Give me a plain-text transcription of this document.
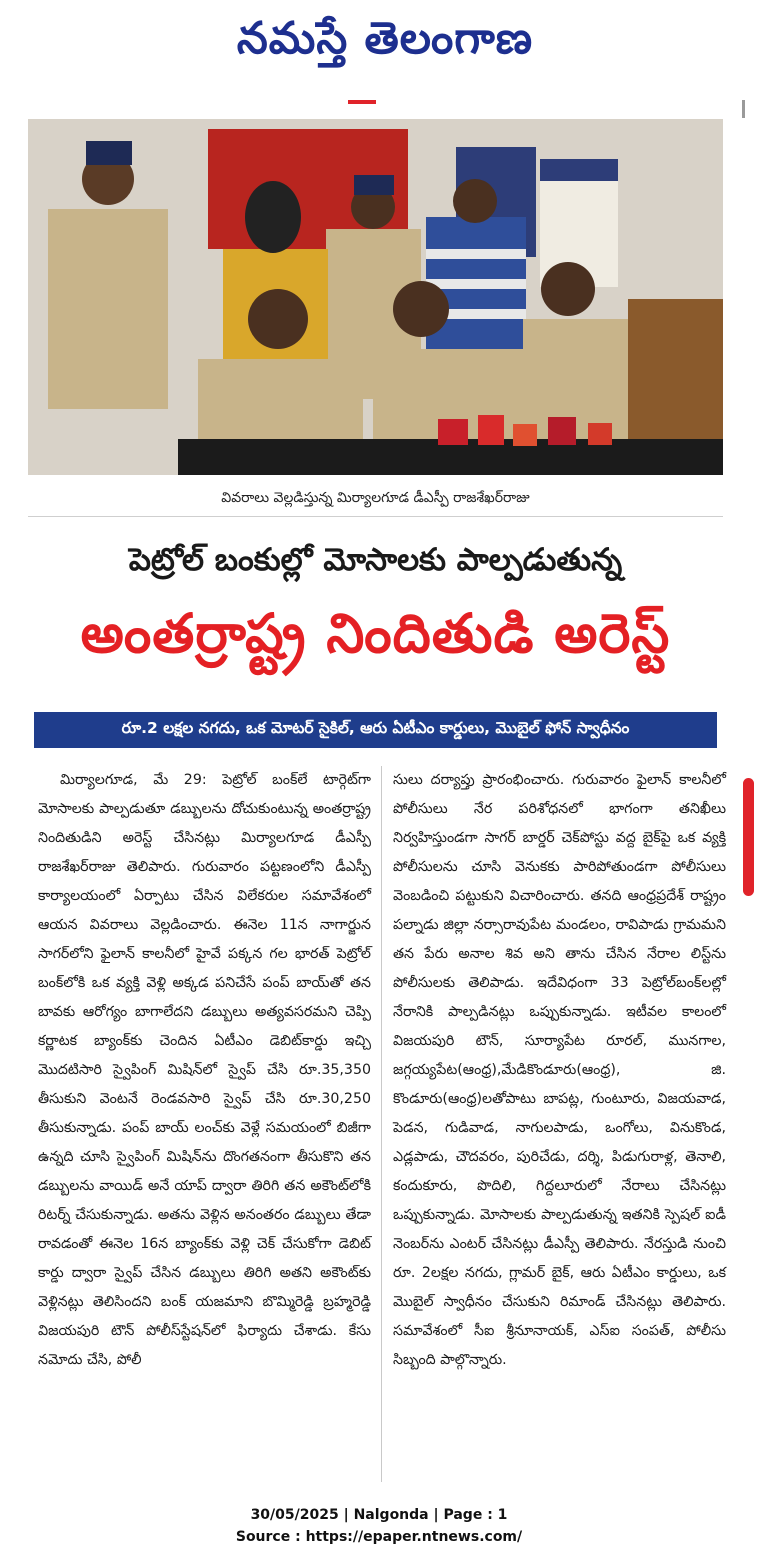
నమస్తే తెలంగాణ
వివరాలు వెల్లడిస్తున్న మిర్యాలగూడ డీఎస్పీ రాజశేఖర్‌రాజు
పెట్రోల్ బంకుల్లో మోసాలకు పాల్పడుతున్న
అంతర్రాష్ట్ర నిందితుడి అరెస్ట్
రూ.2 లక్షల నగదు, ఒక మోటర్ సైకిల్, ఆరు ఏటీఎం కార్డులు, మొబైల్ ఫోన్ స్వాధీనం
మిర్యాలగూడ, మే 29: పెట్రోల్ బంక్‌లే టార్గెట్‌గా మోసాలకు పాల్పడుతూ డబ్బులను దోచుకుంటున్న అంతర్రాష్ట్ర నిందితుడిని అరెస్ట్ చేసినట్లు మిర్యాలగూడ డీఎస్పీ రాజశేఖర్‌రాజు తెలిపారు. గురువారం పట్టణంలోని డీఎస్పీ కార్యాలయంలో ఏర్పాటు చేసిన విలేకరుల సమావేశంలో ఆయన వివరాలు వెల్లడించారు. ఈనెల 11న నాగార్జున సాగర్‌లోని ఫైలాన్ కాలనీలో హైవే పక్కన గల భారత్ పెట్రోల్ బంక్‌లోకి ఒక వ్యక్తి వెళ్లి అక్కడ పనిచేసే పంప్ బాయ్‌తో తన బావకు ఆరోగ్యం బాగాలేదని డబ్బులు అత్యవసరమని చెప్పి కర్ణాటక బ్యాంక్‌కు చెందిన ఏటీఎం డెబిట్‌కార్డు ఇచ్చి మొదటిసారి స్వైపింగ్ మిషిన్‌లో స్వైప్ చేసి రూ.35,350 తీసుకుని వెంటనే రెండవసారి స్వైప్ చేసి రూ.30,250 తీసుకున్నాడు. పంప్ బాయ్ లంచ్‌కు వెళ్లే సమయంలో బిజీగా ఉన్నది చూసి స్వైపింగ్ మిషిన్‌ను దొంగతనంగా తీసుకొని తన డబ్బులను వాయిడ్ అనే యాప్ ద్వారా తిరిగి తన అకౌంట్‌లోకి రిటర్న్ చేసుకున్నాడు. అతను వెళ్లిన అనంతరం డబ్బులు తేడా రావడంతో ఈనెల 16న బ్యాంక్‌కు వెళ్లి చెక్ చేసుకోగా డెబిట్ కార్డు ద్వారా స్వైప్ చేసిన డబ్బులు తిరిగి అతని అకౌంట్‌కు వెళ్లినట్లు తెలిసిందని బంక్ యజమాని బొమ్మిరెడ్డి బ్రహ్మరెడ్డి విజయపురి టౌన్ పోలీస్‌స్టేషన్‌లో ఫిర్యాదు చేశాడు. కేసు నమోదు చేసి, పోలీ
సులు దర్యాప్తు ప్రారంభించారు. గురువారం ఫైలాన్ కాలనీలో పోలీసులు నేర పరిశోధనలో భాగంగా తనిఖీలు నిర్వహిస్తుండగా సాగర్ బార్డర్ చెక్‌పోస్టు వద్ద బైక్‌పై ఒక వ్యక్తి పోలీసులను చూసి వెనుకకు పారిపోతుండగా పోలీసులు వెంబడించి పట్టుకుని విచారించారు. తనది ఆంధ్రప్రదేశ్ రాష్ట్రం పల్నాడు జిల్లా నర్సారావుపేట మండలం, రావిపాడు గ్రామమని తన పేరు అనాల శివ అని తాను చేసిన నేరాల లిస్ట్‌ను పోలీసులకు తెలిపాడు. ఇదేవిధంగా 33 పెట్రోల్‌బంక్‌లల్లో నేరానికి పాల్పడినట్లు ఒప్పుకున్నాడు. ఇటీవల కాలంలో విజయపురి టౌన్, సూర్యాపేట రూరల్, మునగాల, జగ్గయ్యపేట(ఆంధ్ర),మేడికొండూరు(ఆంధ్ర), జి. కొండూరు(ఆంధ్ర)లతోపాటు బాపట్ల, గుంటూరు, విజయవాడ, పెడన, గుడివాడ, నాగులపాడు, ఒంగోలు, వినుకొండ, ఎడ్లపాడు, చౌదవరం, పురిచేడు, దర్శి, పిడుగురాళ్ల, తెనాలి, కందుకూరు, పొదిలి, గిద్దలూరులో నేరాలు చేసినట్లు ఒప్పుకున్నాడు. మోసాలకు పాల్పడుతున్న ఇతనికి స్పెషల్ ఐడీ నెంబర్‌ను ఎంటర్ చేసినట్లు డీఎస్పీ తెలిపారు. నేరస్తుడి నుంచి రూ. 2లక్షల నగదు, గ్లామర్ బైక్, ఆరు ఏటీఎం కార్డులు, ఒక మొబైల్ స్వాధీనం చేసుకుని రిమాండ్ చేసినట్లు తెలిపారు. సమావేశంలో సీఐ శ్రీనూనాయక్, ఎస్ఐ సంపత్, పోలీసు సిబ్బంది పాల్గొన్నారు.
30/05/2025 | Nalgonda | Page : 1
Source : https://epaper.ntnews.com/
